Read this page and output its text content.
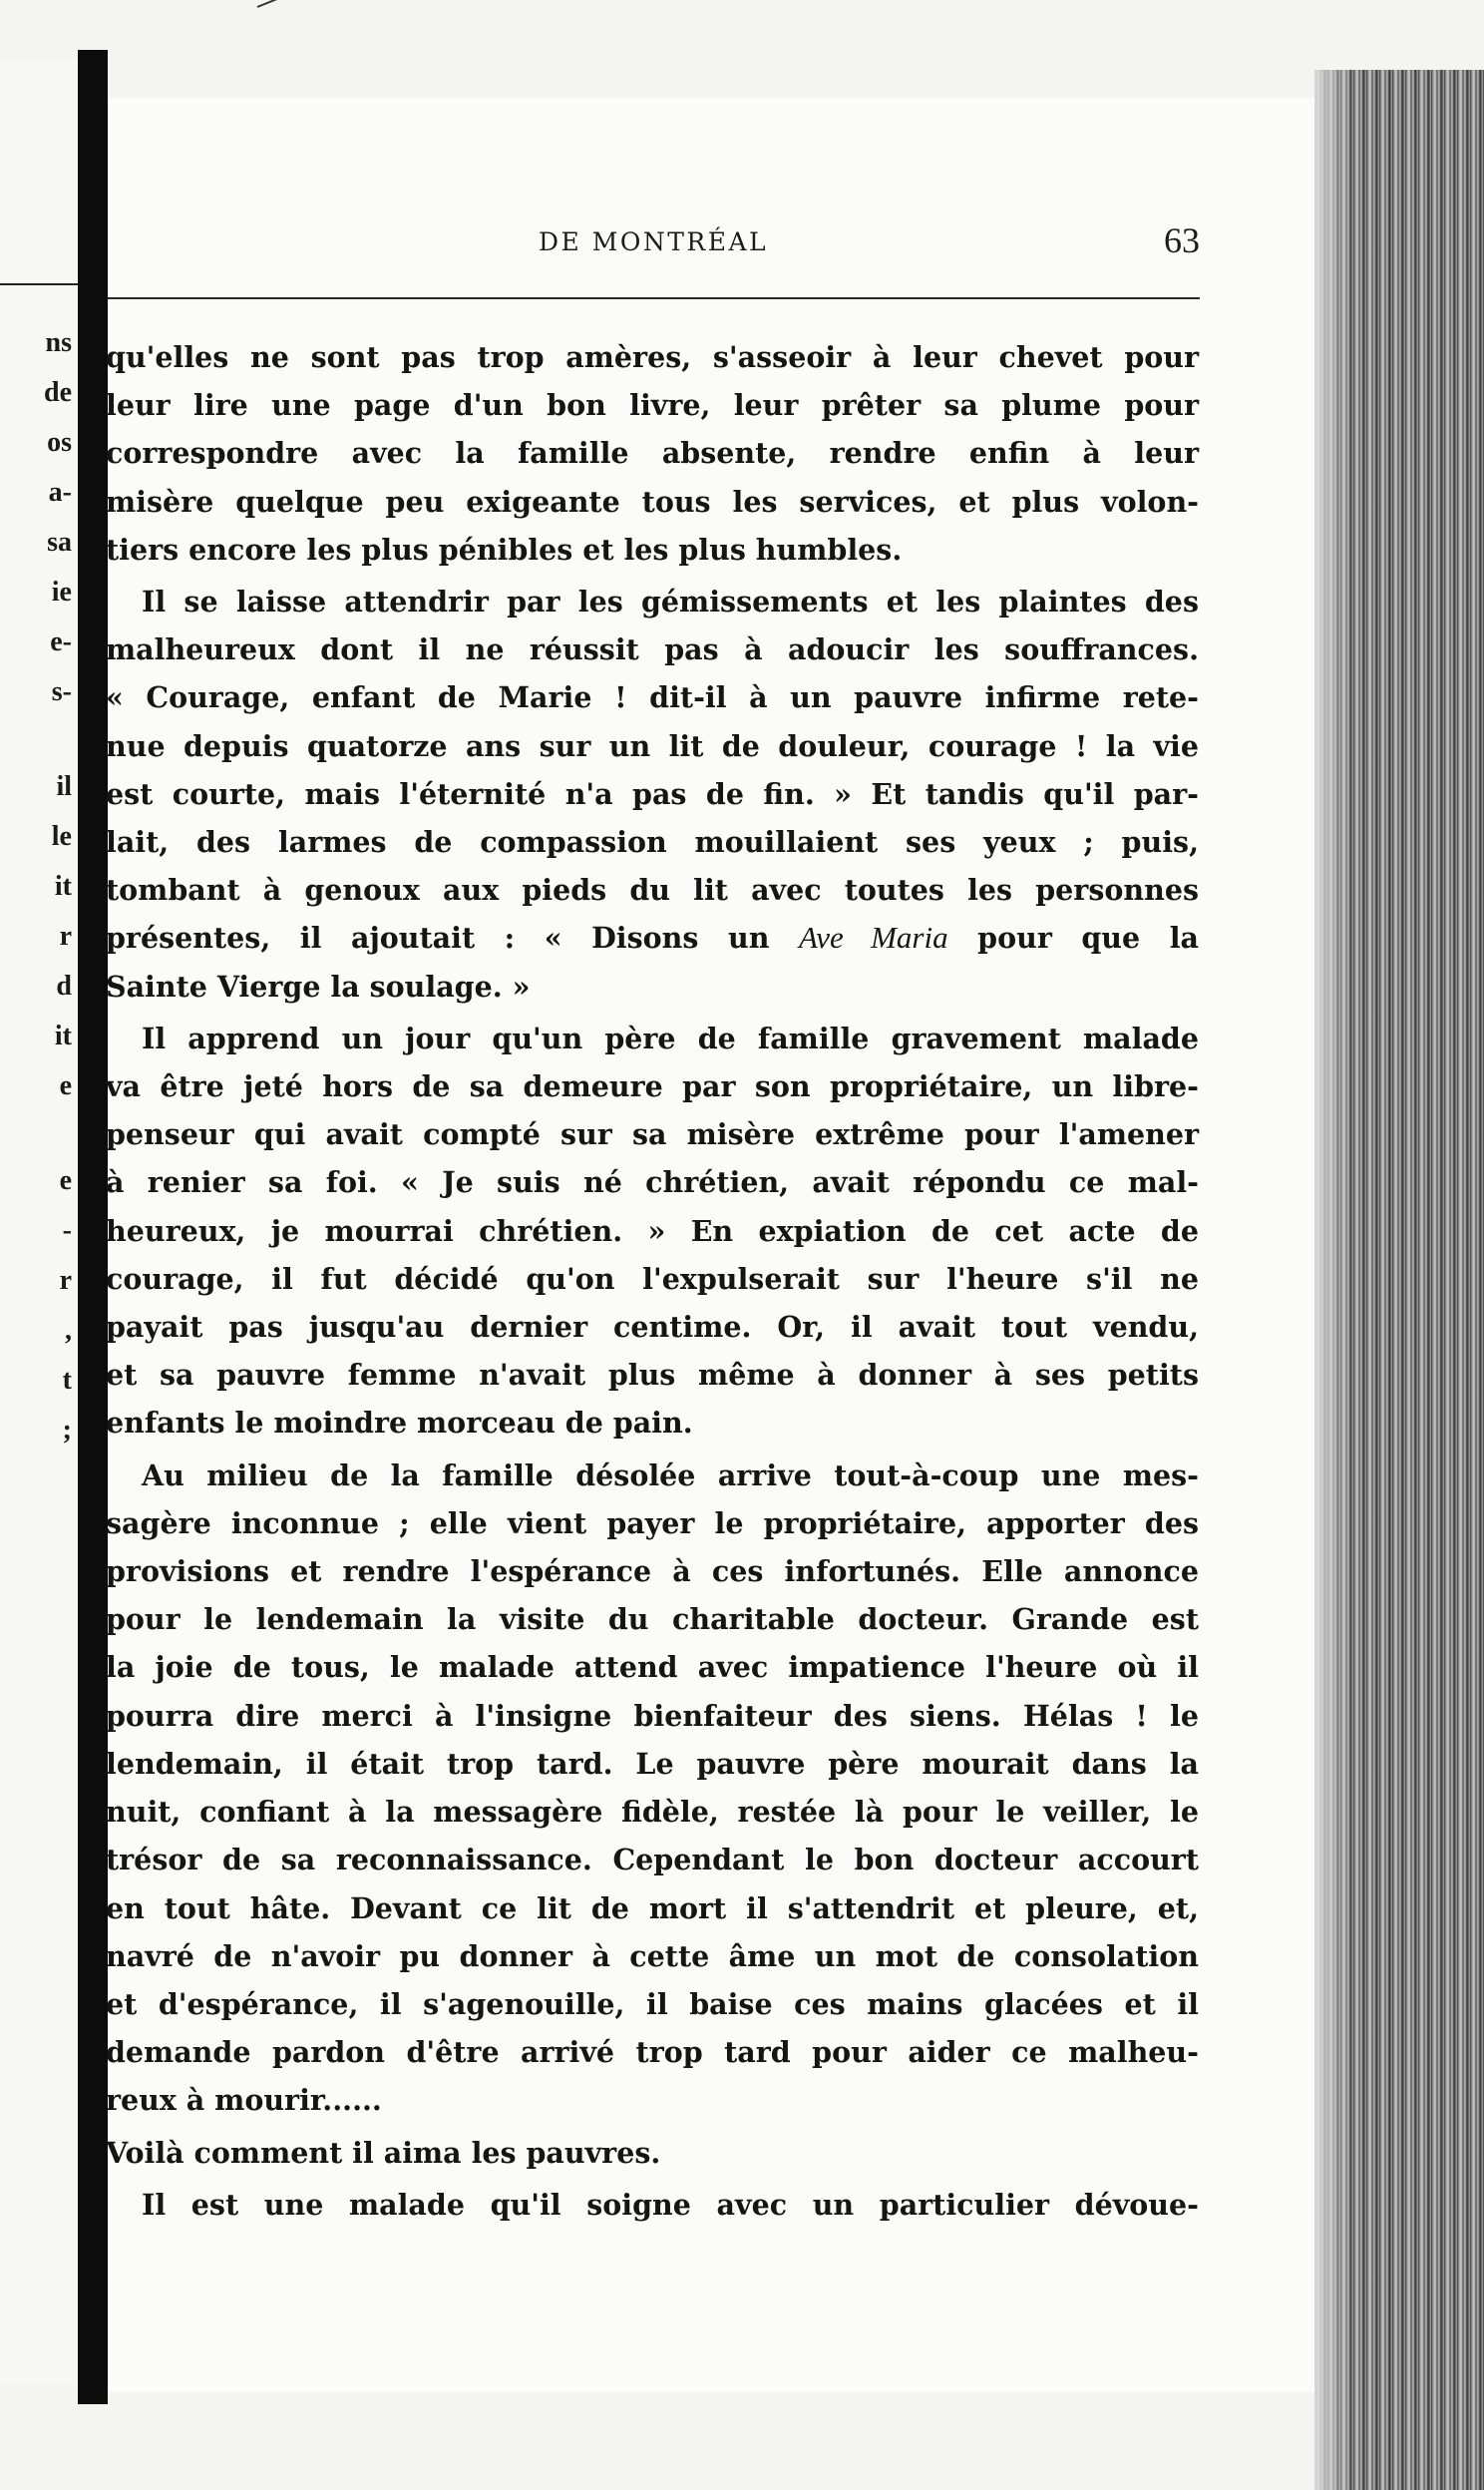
ns
de
os
a-
sa
ie
e-
s-
il
le
it
r
d
it
e
e
-
r
,
t
;
DE MONTRÉAL	63

qu'elles ne sont pas trop amères, s'asseoir à leur chevet pour
leur lire une page d'un bon livre, leur prêter sa plume pour
correspondre avec la famille absente, rendre enfin à leur
misère quelque peu exigeante tous les services, et plus volon-
tiers encore les plus pénibles et les plus humbles.

Il se laisse attendrir par les gémissements et les plaintes des
malheureux dont il ne réussit pas à adoucir les souffrances.
« Courage, enfant de Marie ! dit-il à un pauvre infirme rete-
nue depuis quatorze ans sur un lit de douleur, courage ! la vie
est courte, mais l'éternité n'a pas de fin. » Et tandis qu'il par-
lait, des larmes de compassion mouillaient ses yeux ; puis,
tombant à genoux aux pieds du lit avec toutes les personnes
présentes, il ajoutait : « Disons un Ave Maria pour que la
Sainte Vierge la soulage. »

Il apprend un jour qu'un père de famille gravement malade
va être jeté hors de sa demeure par son propriétaire, un libre-
penseur qui avait compté sur sa misère extrême pour l'amener
à renier sa foi. « Je suis né chrétien, avait répondu ce mal-
heureux, je mourrai chrétien. » En expiation de cet acte de
courage, il fut décidé qu'on l'expulserait sur l'heure s'il ne
payait pas jusqu'au dernier centime. Or, il avait tout vendu,
et sa pauvre femme n'avait plus même à donner à ses petits
enfants le moindre morceau de pain.

Au milieu de la famille désolée arrive tout-à-coup une mes-
sagère inconnue ; elle vient payer le propriétaire, apporter des
provisions et rendre l'espérance à ces infortunés. Elle annonce
pour le lendemain la visite du charitable docteur. Grande est
la joie de tous, le malade attend avec impatience l'heure où il
pourra dire merci à l'insigne bienfaiteur des siens. Hélas ! le
lendemain, il était trop tard. Le pauvre père mourait dans la
nuit, confiant à la messagère fidèle, restée là pour le veiller, le
trésor de sa reconnaissance. Cependant le bon docteur accourt
en tout hâte. Devant ce lit de mort il s'attendrit et pleure, et,
navré de n'avoir pu donner à cette âme un mot de consolation
et d'espérance, il s'agenouille, il baise ces mains glacées et il
demande pardon d'être arrivé trop tard pour aider ce malheu-
reux à mourir......

Voilà comment il aima les pauvres.

Il est une malade qu'il soigne avec un particulier dévoue-
